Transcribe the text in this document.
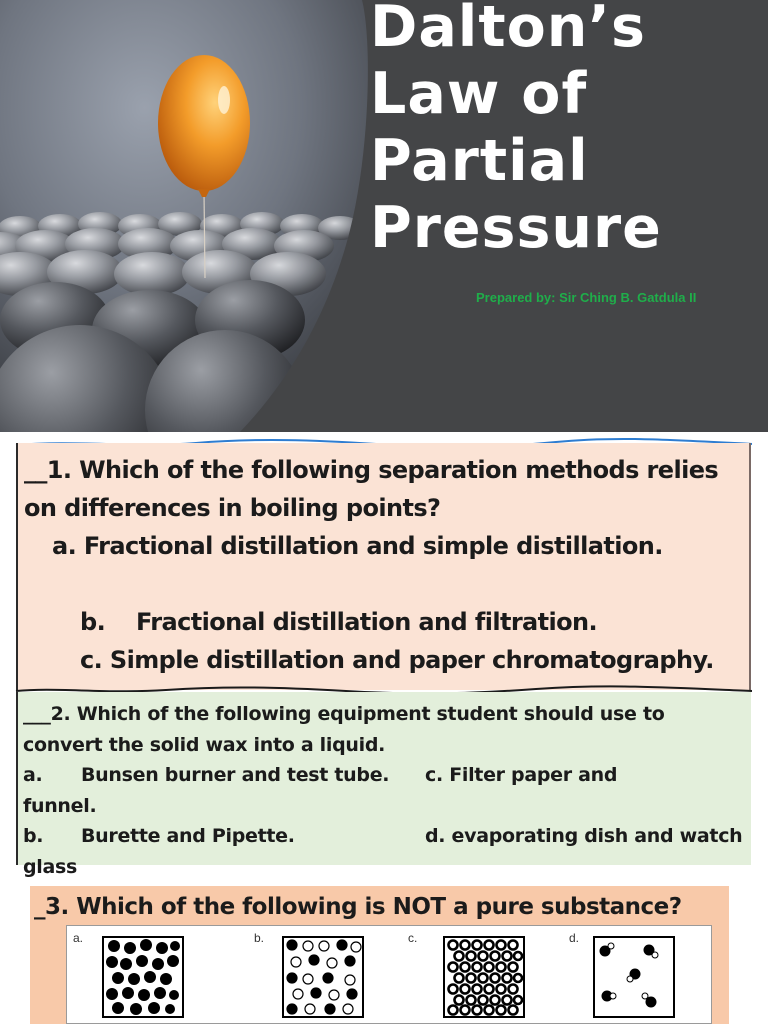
Dalton’s
Law of
Partial
Pressure
Prepared by: Sir Ching B. Gatdula II
__1. Which of the following separation methods relies on differences in boiling points?
a. Fractional distillation and simple distillation.
b. Fractional distillation and filtration.
c. Simple distillation and paper chromatography.
___2. Which of the following equipment student should use to
convert the solid wax into a liquid.
a. Bunsen burner and test tube.	c. Filter paper and
funnel.
b. Burette and Pipette.	d. evaporating dish and watch
glass
_3. Which of the following is NOT a pure substance?
a.	b.	c.	d.
